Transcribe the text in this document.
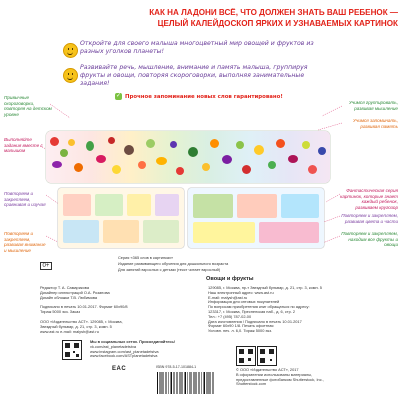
КАК НА ЛАДОНИ ВСЁ, ЧТО ДОЛЖЕН ЗНАТЬ ВАШ РЕБЕНОК —
ЦЕЛЫЙ КАЛЕЙДОСКОП ЯРКИХ И УЗНАВАЕМЫХ КАРТИНОК
Откройте для своего малыша многоцветный мир овощей и фруктов из разных уголков планеты!
Развивайте речь, мышление, внимание и память малыша, группируя фрукты и овощи, повторяя скороговорки, выполняя занимательные задания!
✓ Прочное запоминание новых слов гарантировано!
Привычные скороговорки, повторяя на детском уровне
Выполняйте задания вместе с малышом
Повторяем и закрепляем, сравнивая и изучая
Повторяем и закрепляем, развивая внимание и мышление
Учимся группировать, развивая мышление
Учимся запоминать, развивая память
Фантастическая серия картинок, которые знает каждый ребенок, развиваем кругозор
Повторяем и закрепляем, развивая цвета и части
Повторяем и закрепляем, находим все фрукты и овощи
Серия «365 слов в картинках»
Издание развивающего обучения для дошкольного возраста
Для занятий взрослых с детьми (текст читает взрослый)
0+
Овощи и фрукты
Редактор Т. А. Самарикова
Дизайнер иллюстраций О.А. Розанова
Дизайн обложки Т.В. Любимова

Подписано в печать 10.01.2017. Формат 60х90/8
Тираж 5000 экз. Заказ
129085, г. Москва, пр-т Звездный бульвар, д. 21, стр. 3, комн. 5
Наш электронный адрес: www.ast.ru
E-mail: malysh@ast.ru
Информация для оптовых покупателей
По вопросам приобретения книг обращаться по адресу:
123317, г. Москва, Пресненская наб., д. 6, стр. 2
Тел.: +7 (495) 787-02-00
Дата изготовления / Подписано в печать 10.01.2017
Формат 60х90 1/8. Печать офсетная
Условн. печ. л. 6,0. Тираж 5000 экз.
ООО «Издательство АСТ». 129085, г. Москва,
Звездный бульвар, д. 21, стр. 3, комн. 5
www.ast.ru e-mail: malysh@ast.ru
Мы в социальных сетях. Присоединяйтесь!
vk.com/ast_planetadetstva
www.instagram.com/ast_planetadetstva
www.facebook.com/ASTplanetadetstva
EAC	ISBN 978-5-17-101884-1	© ООО «Издательство АСТ», 2017
В оформлении использованы материалы,
предоставленные фотобанком Shutterstock, Inc.,
Shutterstock.com
